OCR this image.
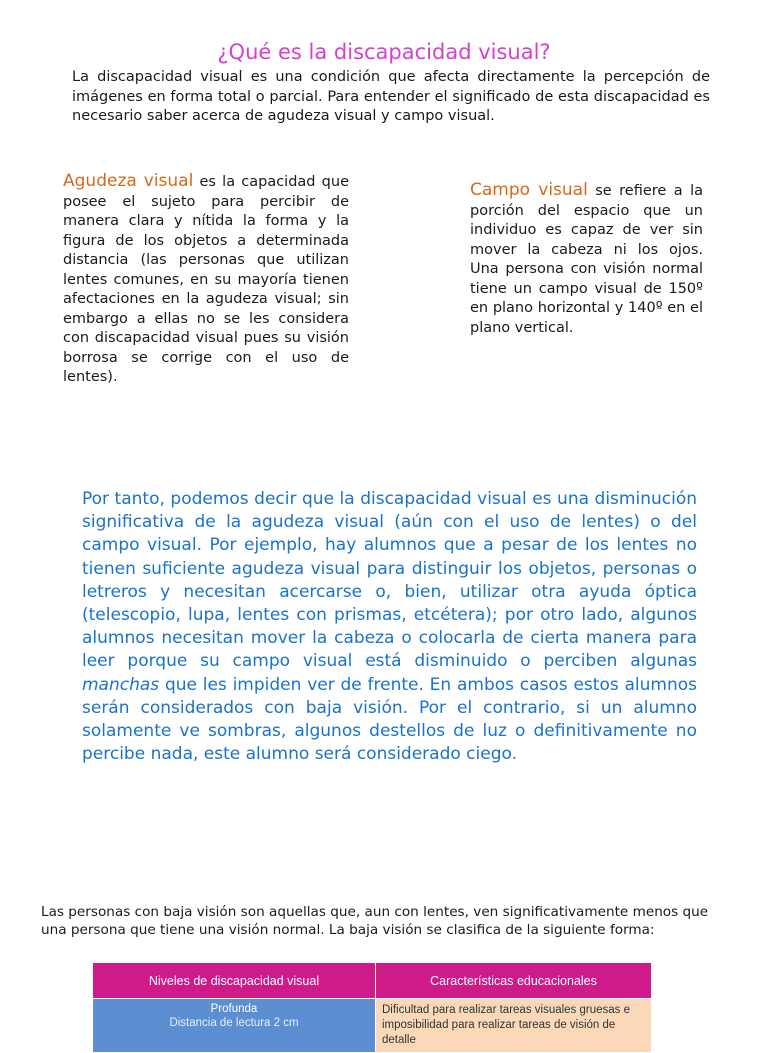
¿Qué es la discapacidad visual?

La discapacidad visual es una condición que afecta directamente la percepción de imágenes en forma total o parcial. Para entender el significado de esta discapacidad es necesario saber acerca de agudeza visual y campo visual.

Agudeza visual es la capacidad que posee el sujeto para percibir de manera clara y nítida la forma y la figura de los objetos a determinada distancia (las personas que utilizan lentes comunes, en su mayoría tienen afectaciones en la agudeza visual; sin embargo a ellas no se les considera con discapacidad visual pues su visión borrosa se corrige con el uso de lentes).

Campo visual se refiere a la porción del espacio que un individuo es capaz de ver sin mover la cabeza ni los ojos. Una persona con visión normal tiene un campo visual de 150º en plano horizontal y 140º en el plano vertical.

Por tanto, podemos decir que la discapacidad visual es una disminución significativa de la agudeza visual (aún con el uso de lentes) o del campo visual. Por ejemplo, hay alumnos que a pesar de los lentes no tienen suficiente agudeza visual para distinguir los objetos, personas o letreros y necesitan acercarse o, bien, utilizar otra ayuda óptica (telescopio, lupa, lentes con prismas, etcétera); por otro lado, algunos alumnos necesitan mover la cabeza o colocarla de cierta manera para leer porque su campo visual está disminuido o perciben algunas manchas que les impiden ver de frente. En ambos casos estos alumnos serán considerados con baja visión. Por el contrario, si un alumno solamente ve sombras, algunos destellos de luz o definitivamente no percibe nada, este alumno será considerado ciego.

Las personas con baja visión son aquellas que, aun con lentes, ven significativamente menos que una persona que tiene una visión normal. La baja visión se clasifica de la siguiente forma:

Niveles de discapacidad visual	Características educacionales
Profunda
Distancia de lectura 2 cm	Dificultad para realizar tareas visuales gruesas e imposibilidad para realizar tareas de visión de detalle
